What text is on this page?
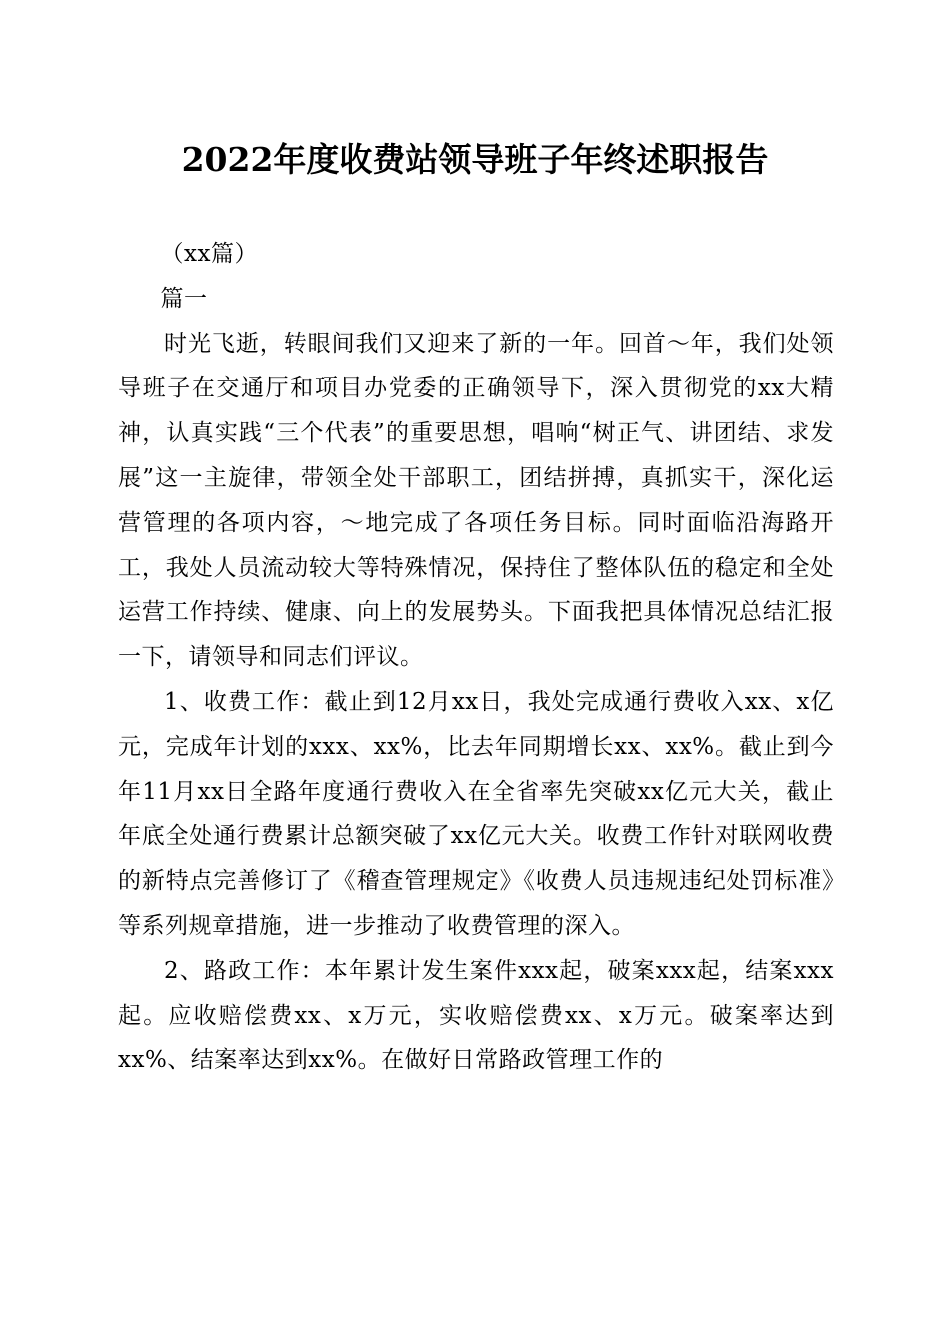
2022年度收费站领导班子年终述职报告

（xx篇）

篇一

时光飞逝，转眼间我们又迎来了新的一年。回首～年，我们处领导班子在交通厅和项目办党委的正确领导下，深入贯彻党的xx大精神，认真实践“三个代表”的重要思想，唱响“树正气、讲团结、求发展”这一主旋律，带领全处干部职工，团结拼搏，真抓实干，深化运营管理的各项内容，～地完成了各项任务目标。同时面临沿海路开工，我处人员流动较大等特殊情况，保持住了整体队伍的稳定和全处运营工作持续、健康、向上的发展势头。下面我把具体情况总结汇报一下，请领导和同志们评议。

1、收费工作：截止到12月xx日，我处完成通行费收入xx、x亿元，完成年计划的xxx、xx%，比去年同期增长xx、xx%。截止到今年11月xx日全路年度通行费收入在全省率先突破xx亿元大关，截止年底全处通行费累计总额突破了xx亿元大关。收费工作针对联网收费的新特点完善修订了《稽查管理规定》《收费人员违规违纪处罚标准》等系列规章措施，进一步推动了收费管理的深入。

2、路政工作：本年累计发生案件xxx起，破案xxx起，结案xxx起。应收赔偿费xx、x万元，实收赔偿费xx、x万元。破案率达到xx%、结案率达到xx%。在做好日常路政管理工作的
